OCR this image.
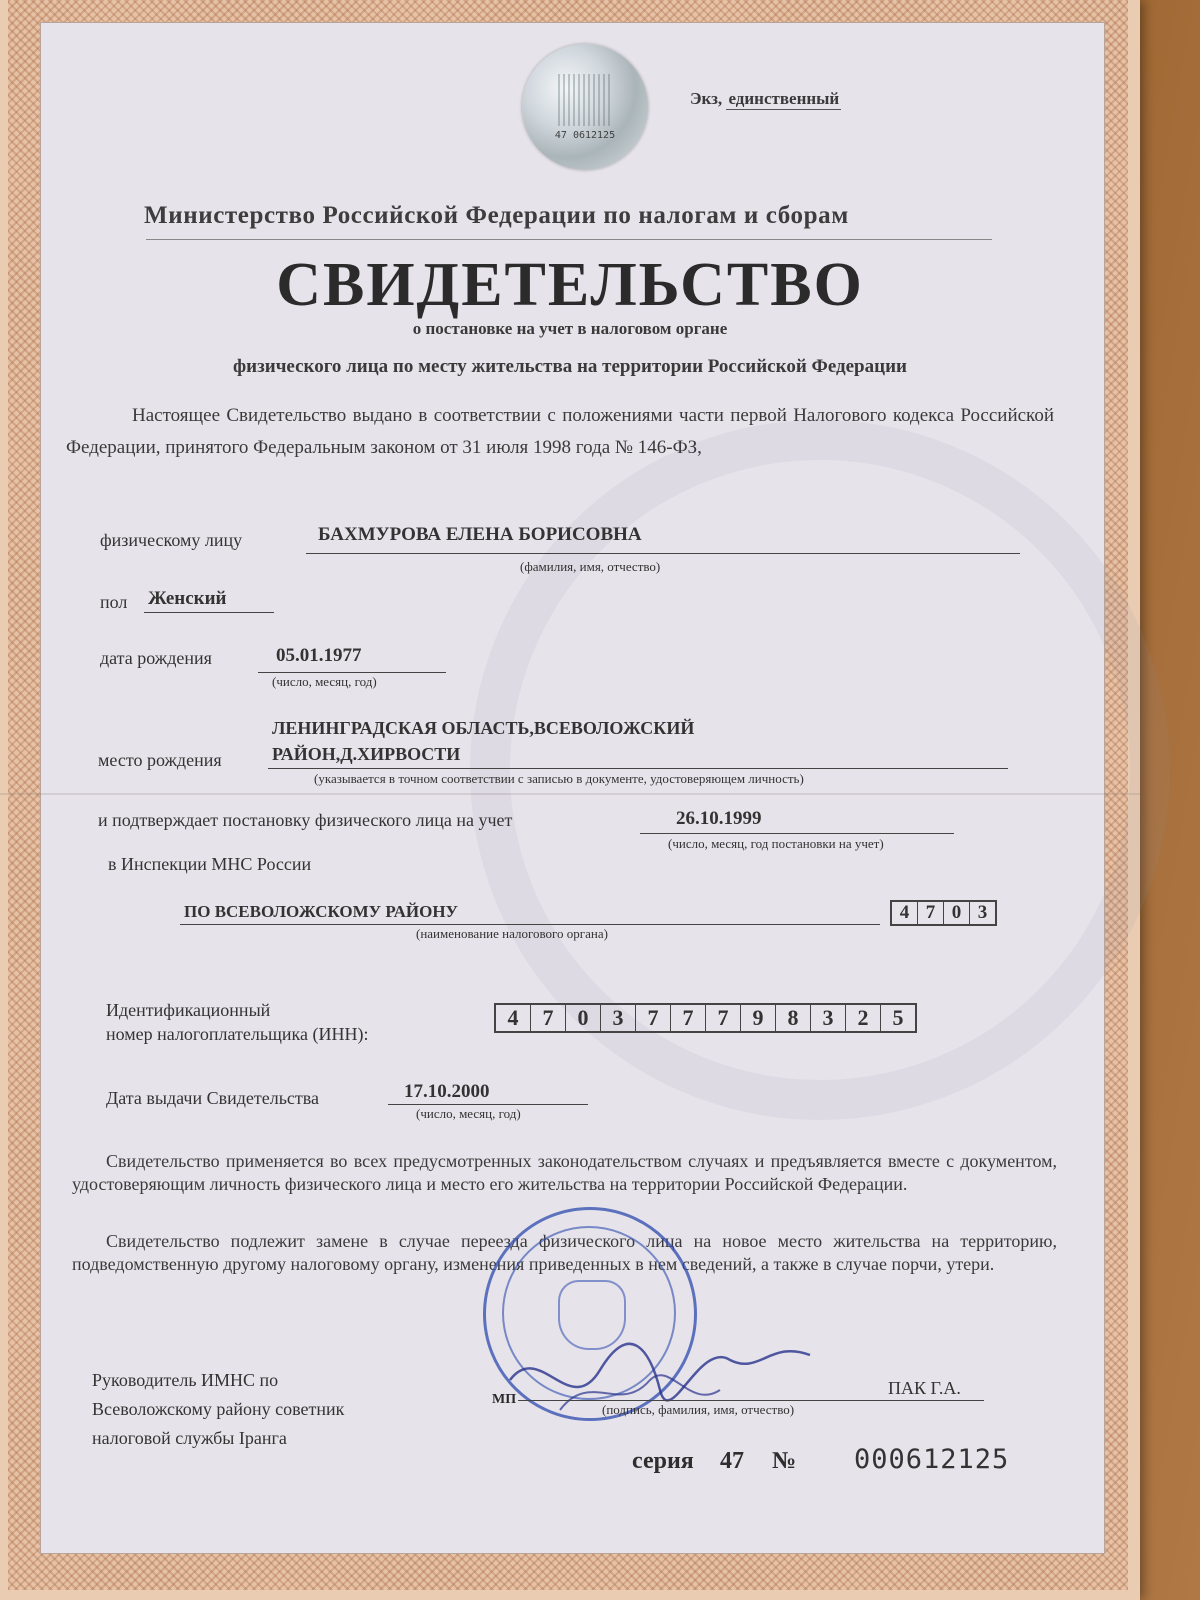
47 0612125
Экз, единственный
Министерство Российской Федерации по налогам и сборам
СВИДЕТЕЛЬСТВО
о постановке на учет в налоговом органе
физического лица по месту жительства на территории Российской Федерации
Настоящее Свидетельство выдано в соответствии с положениями части первой Налогового кодекса Российской Федерации, принятого Федеральным законом от 31 июля 1998 года № 146-ФЗ,
физическому лицу	БАХМУРОВА ЕЛЕНА БОРИСОВНА
(фамилия, имя, отчество)
пол Женский
дата рождения	05.01.1977
(число, месяц, год)
ЛЕНИНГРАДСКАЯ ОБЛАСТЬ,ВСЕВОЛОЖСКИЙ
место рождения	РАЙОН,Д.ХИРВОСТИ
(указывается в точном соответствии с записью в документе, удостоверяющем личность)
и подтверждает постановку физического лица на учет	26.10.1999
(число, месяц, год постановки на учет)
в Инспекции МНС России
ПО ВСЕВОЛОЖСКОМУ РАЙОНУ
(наименование налогового органа)
4 7 0 3
Идентификационный
номер налогоплательщика (ИНН):
4	7	0	3	7	7	7	9	8	3	2	5
Дата выдачи Свидетельства	17.10.2000
(число, месяц, год)
Свидетельство применяется во всех предусмотренных законодательством случаях и предъявляется вместе с документом, удостоверяющим личность физического лица и место его жительства на территории Российской Федерации.
Свидетельство подлежит замене в случае переезда физического лица на новое место жительства на территорию, подведомственную другому налоговому органу, изменения приведенных в нем сведений, а также в случае порчи, утери.
Руководитель ИМНС по
Всеволожскому району советник
налоговой службы Iранга
МП
(подпись, фамилия, имя, отчество)
ПАК Г.А.
серия 47 № 000612125
